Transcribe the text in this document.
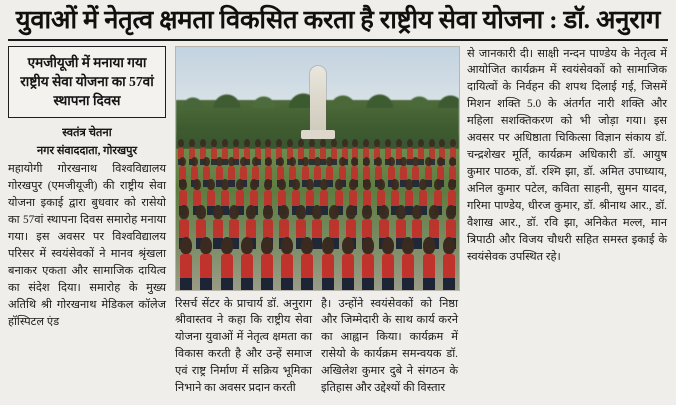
युवाओं में नेतृत्व क्षमता विकसित करता है राष्ट्रीय सेवा योजना : डॉ. अनुराग
एमजीयूजी में मनाया गया राष्ट्रीय सेवा योजना का 57वां स्थापना दिवस
स्वतंत्र चेतना
नगर संवाददाता, गोरखपुर

महायोगी गोरखनाथ विश्वविद्यालय गोरखपुर (एमजीयूजी) की राष्ट्रीय सेवा योजना इकाई द्वारा बुधवार को रासेयो का 57वां स्थापना दिवस समारोह मनाया गया। इस अवसर पर विश्वविद्यालय परिसर में स्वयंसेवकों ने मानव श्रृंखला बनाकर एकता और सामाजिक दायित्व का संदेश दिया। समारोह के मुख्य अतिथि श्री गोरखनाथ मेडिकल कॉलेज हॉस्पिटल एंड

रिसर्च सेंटर के प्राचार्य डॉ. अनुराग श्रीवास्तव ने कहा कि राष्ट्रीय सेवा योजना युवाओं में नेतृत्व क्षमता का विकास करती है और उन्हें समाज एवं राष्ट्र निर्माण में सक्रिय भूमिका निभाने का अवसर प्रदान करती

है। उन्होंने स्वयंसेवकों को निष्ठा और जिम्मेदारी के साथ कार्य करने का आह्वान किया। कार्यक्रम में रासेयो के कार्यक्रम समन्वयक डॉ. अखिलेश कुमार दुबे ने संगठन के इतिहास और उद्देश्यों की विस्तार

से जानकारी दी। साक्षी नन्दन पाण्डेय के नेतृत्व में आयोजित कार्यक्रम में स्वयंसेवकों को सामाजिक दायित्वों के निर्वहन की शपथ दिलाई गई, जिसमें मिशन शक्ति 5.0 के अंतर्गत नारी शक्ति और महिला सशक्तिकरण को भी जोड़ा गया। इस अवसर पर अधिष्ठाता चिकित्सा विज्ञान संकाय डॉ. चन्द्रशेखर मूर्ति, कार्यक्रम अधिकारी डॉ. आयुष कुमार पाठक, डॉ. रश्मि झा, डॉ. अमित उपाध्याय, अनिल कुमार पटेल, कविता साहनी, सुमन यादव, गरिमा पाण्डेय, धीरज कुमार, डॉ. श्रीनाथ आर., डॉ. वैशाख आर., डॉ. रवि झा, अनिकेत मल्ल, मान त्रिपाठी और विजय चौधरी सहित समस्त इकाई के स्वयंसेवक उपस्थित रहे।
